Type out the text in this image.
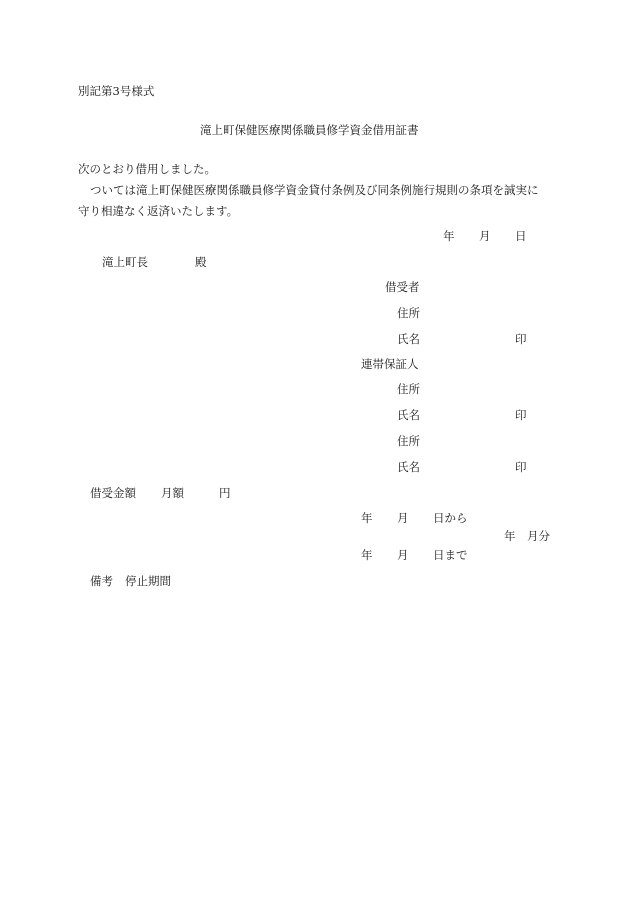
別記第3号様式
滝上町保健医療関係職員修学資金借用証書
次のとおり借用しました。
ついては滝上町保健医療関係職員修学資金貸付条例及び同条例施行規則の条項を誠実に
守り相違なく返済いたします。
年 月 日
滝上町長	殿
借受者
住所
氏名	印
連帯保証人
住所
氏名	印
住所
氏名	印
借受金額 月額	円
年 月 日から
年 月分
年 月 日まで
備考 停止期間
